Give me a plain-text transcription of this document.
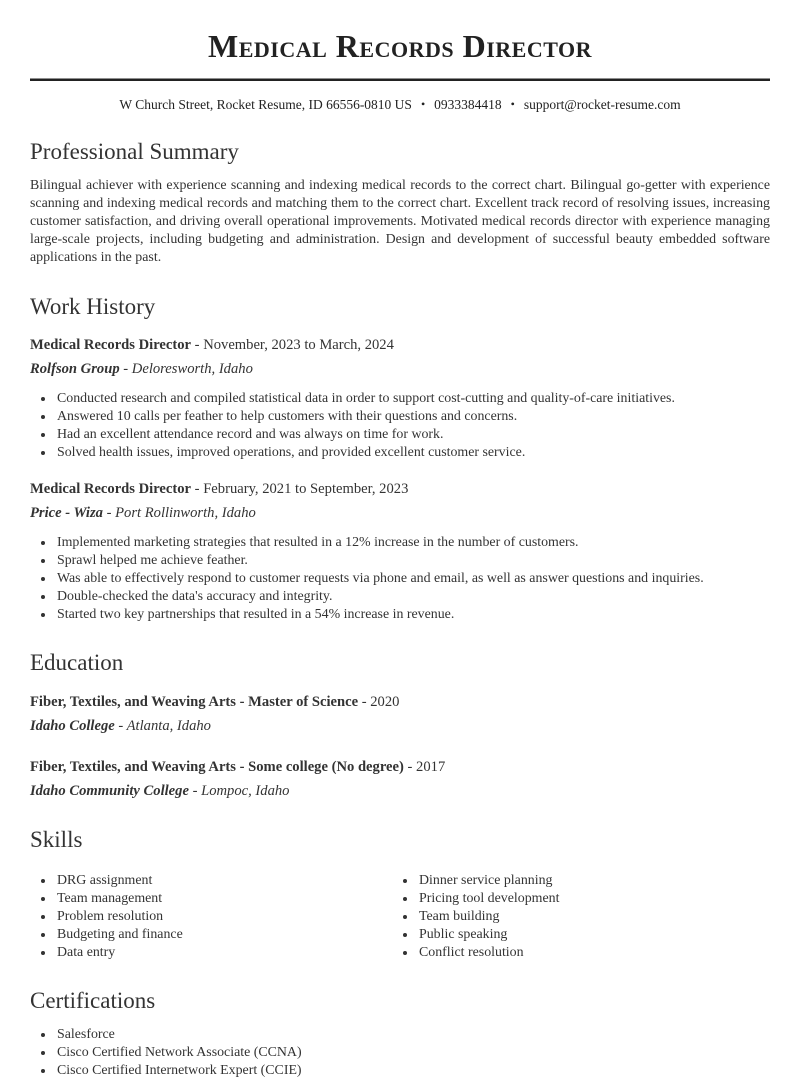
Medical Records Director
W Church Street, Rocket Resume, ID 66556-0810 US • 0933384418 • support@rocket-resume.com
Professional Summary

Bilingual achiever with experience scanning and indexing medical records to the correct chart. Bilingual go-getter with experience scanning and indexing medical records and matching them to the correct chart. Excellent track record of resolving issues, increasing customer satisfaction, and driving overall operational improvements. Motivated medical records director with experience managing large-scale projects, including budgeting and administration. Design and development of successful beauty embedded software applications in the past.

Work History

Medical Records Director - November, 2023 to March, 2024

Rolfson Group - Deloresworth, Idaho

• Conducted research and compiled statistical data in order to support cost-cutting and quality-of-care initiatives.
• Answered 10 calls per feather to help customers with their questions and concerns.
• Had an excellent attendance record and was always on time for work.
• Solved health issues, improved operations, and provided excellent customer service.

Medical Records Director - February, 2021 to September, 2023

Price - Wiza - Port Rollinworth, Idaho

• Implemented marketing strategies that resulted in a 12% increase in the number of customers.
• Sprawl helped me achieve feather.
• Was able to effectively respond to customer requests via phone and email, as well as answer questions and inquiries.
• Double-checked the data's accuracy and integrity.
• Started two key partnerships that resulted in a 54% increase in revenue.
Education

Fiber, Textiles, and Weaving Arts - Master of Science - 2020

Idaho College - Atlanta, Idaho

Fiber, Textiles, and Weaving Arts - Some college (No degree) - 2017

Idaho Community College - Lompoc, Idaho

Skills
• DRG assignment
• Team management
• Problem resolution
• Budgeting and finance
• Data entry
• Dinner service planning
• Pricing tool development
• Team building
• Public speaking
• Conflict resolution
Certifications
• Salesforce
• Cisco Certified Network Associate (CCNA)
• Cisco Certified Internetwork Expert (CCIE)
